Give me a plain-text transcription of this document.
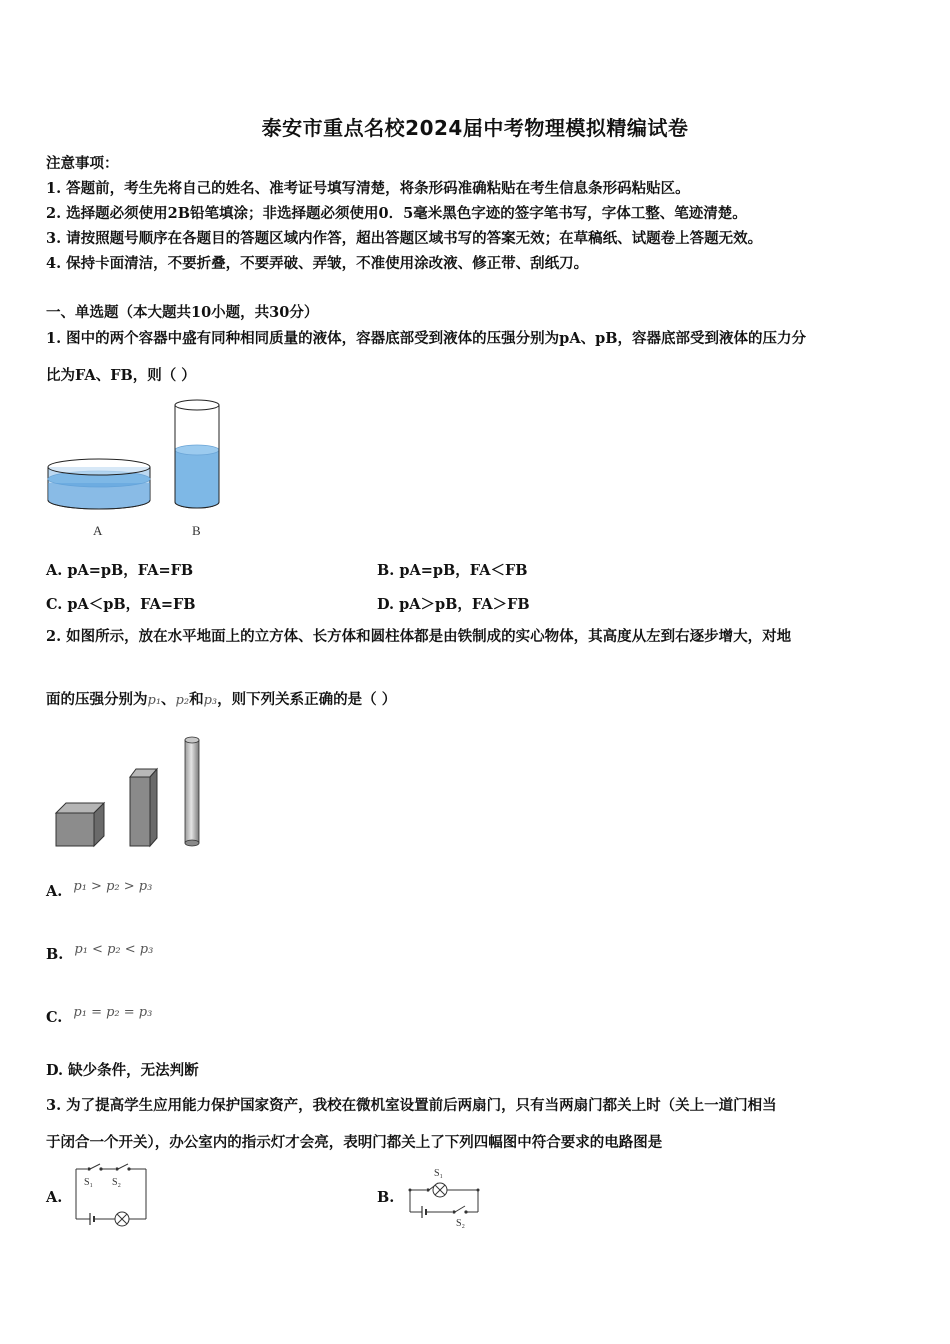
泰安市重点名校2024届中考物理模拟精编试卷
注意事项：
1. 答题前，考生先将自己的姓名、准考证号填写清楚，将条形码准确粘贴在考生信息条形码粘贴区。
2. 选择题必须使用2B铅笔填涂；非选择题必须使用0．5毫米黑色字迹的签字笔书写，字体工整、笔迹清楚。
3. 请按照题号顺序在各题目的答题区域内作答，超出答题区域书写的答案无效；在草稿纸、试题卷上答题无效。
4. 保持卡面清洁，不要折叠，不要弄破、弄皱，不准使用涂改液、修正带、刮纸刀。
一、单选题（本大题共10小题，共30分）
1. 图中的两个容器中盛有同种相同质量的液体，容器底部受到液体的压强分别为pA、pB，容器底部受到液体的压力分
比为FA、FB，则（ ）
A	B
A. pA=pB，FA=FB	B. pA=pB，FA＜FB
C. pA＜pB，FA=FB	D. pA＞pB，FA＞FB
2. 如图所示，放在水平地面上的立方体、长方体和圆柱体都是由铁制成的实心物体，其高度从左到右逐步增大，对地
面的压强分别为p₁、p₂和p₃，则下列关系正确的是（ ）
A. p₁ > p₂ > p₃
B. p₁ < p₂ < p₃
C. p₁ = p₂ = p₃
D. 缺少条件，无法判断
3. 为了提高学生应用能力保护国家资产，我校在微机室设置前后两扇门，只有当两扇门都关上时（关上一道门相当
于闭合一个开关），办公室内的指示灯才会亮，表明门都关上了下列四幅图中符合要求的电路图是
A.
S₁ S₂
B.
S₁
S₂
